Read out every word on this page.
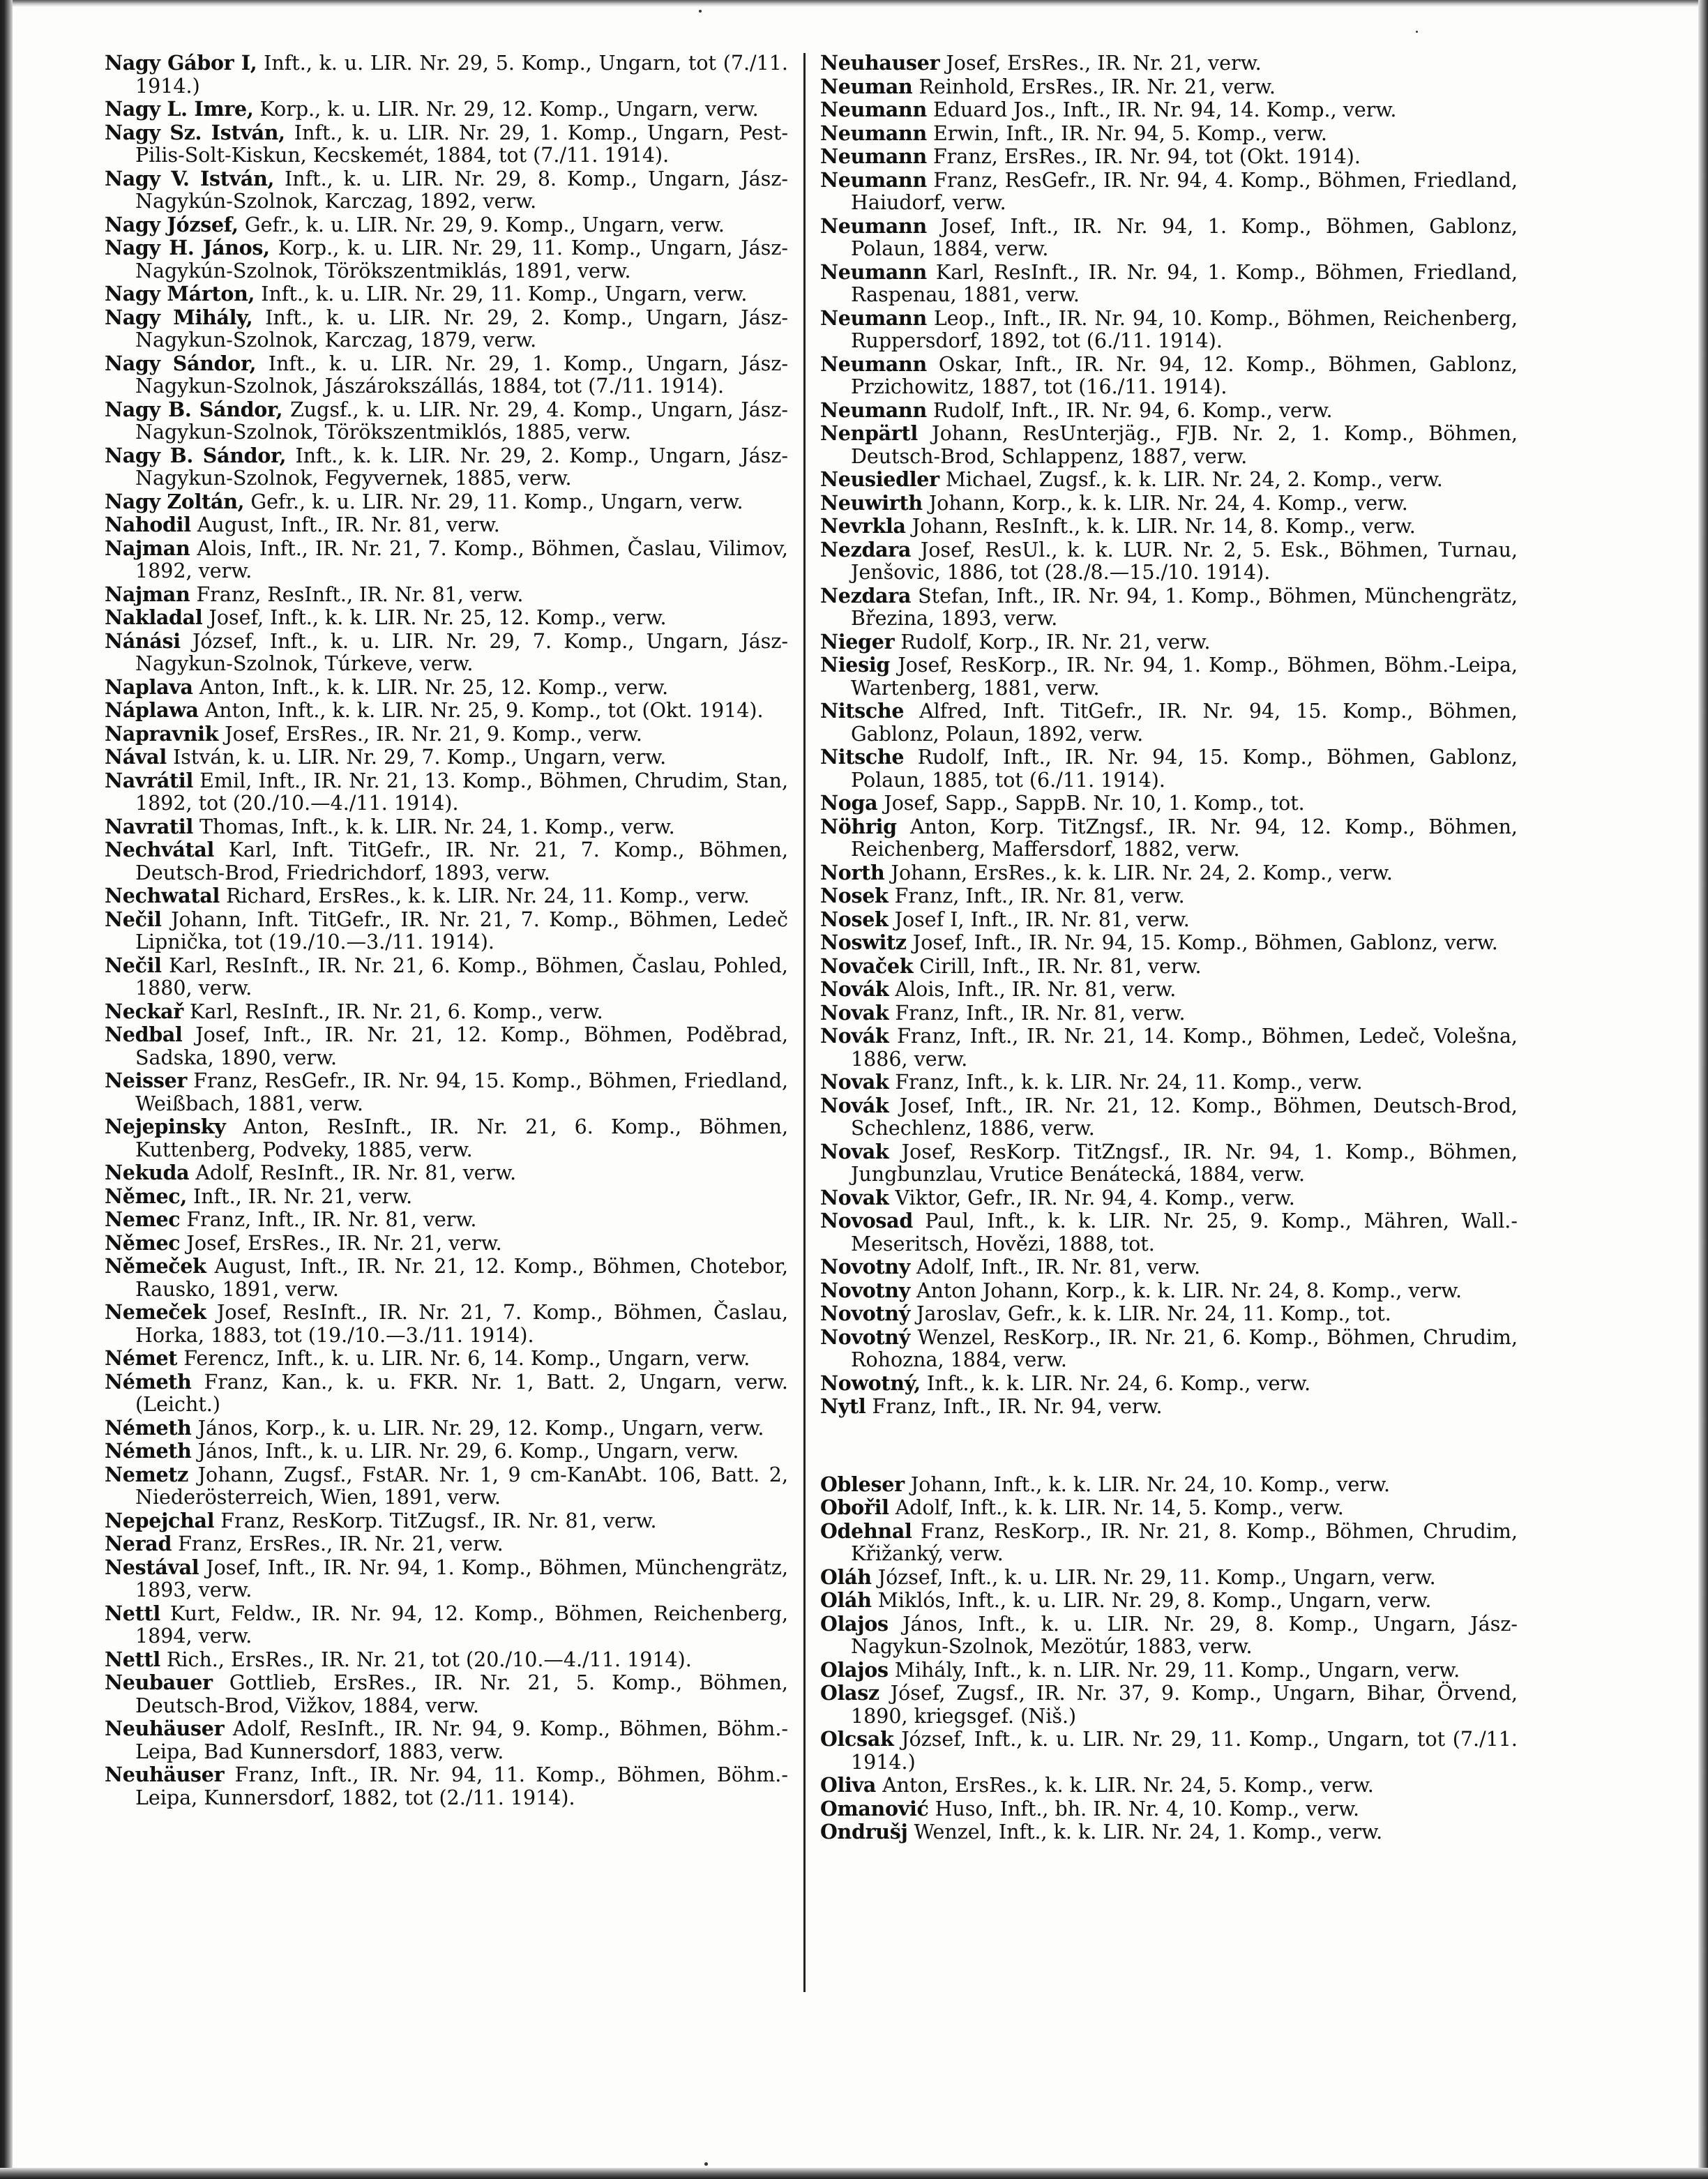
Nagy Gábor I, Inft., k. u. LIR. Nr. 29, 5. Komp., Ungarn, tot (7./11. 1914.)

Nagy L. Imre, Korp., k. u. LIR. Nr. 29, 12. Komp., Ungarn, verw.

Nagy Sz. István, Inft., k. u. LIR. Nr. 29, 1. Komp., Ungarn, Pest-Pilis-Solt-Kiskun, Kecskemét, 1884, tot (7./11. 1914).

Nagy V. István, Inft., k. u. LIR. Nr. 29, 8. Komp., Ungarn, Jász-Nagykún-Szolnok, Karczag, 1892, verw.

Nagy József, Gefr., k. u. LIR. Nr. 29, 9. Komp., Ungarn, verw.

Nagy H. János, Korp., k. u. LIR. Nr. 29, 11. Komp., Ungarn, Jász-Nagykún-Szolnok, Törökszentmiklás, 1891, verw.

Nagy Márton, Inft., k. u. LIR. Nr. 29, 11. Komp., Ungarn, verw.

Nagy Mihály, Inft., k. u. LIR. Nr. 29, 2. Komp., Ungarn, Jász-Nagykun-Szolnok, Karczag, 1879, verw.

Nagy Sándor, Inft., k. u. LIR. Nr. 29, 1. Komp., Ungarn, Jász-Nagykun-Szolnok, Jászárokszállás, 1884, tot (7./11. 1914).

Nagy B. Sándor, Zugsf., k. u. LIR. Nr. 29, 4. Komp., Ungarn, Jász-Nagykun-Szolnok, Törökszentmiklós, 1885, verw.

Nagy B. Sándor, Inft., k. k. LIR. Nr. 29, 2. Komp., Ungarn, Jász-Nagykun-Szolnok, Fegyvernek, 1885, verw.

Nagy Zoltán, Gefr., k. u. LIR. Nr. 29, 11. Komp., Ungarn, verw.

Nahodil August, Inft., IR. Nr. 81, verw.

Najman Alois, Inft., IR. Nr. 21, 7. Komp., Böhmen, Časlau, Vilimov, 1892, verw.

Najman Franz, ResInft., IR. Nr. 81, verw.

Nakladal Josef, Inft., k. k. LIR. Nr. 25, 12. Komp., verw.

Nánási József, Inft., k. u. LIR. Nr. 29, 7. Komp., Ungarn, Jász-Nagykun-Szolnok, Túrkeve, verw.

Naplava Anton, Inft., k. k. LIR. Nr. 25, 12. Komp., verw.

Náplawa Anton, Inft., k. k. LIR. Nr. 25, 9. Komp., tot (Okt. 1914).

Napravnik Josef, ErsRes., IR. Nr. 21, 9. Komp., verw.

Nával István, k. u. LIR. Nr. 29, 7. Komp., Ungarn, verw.

Navrátil Emil, Inft., IR. Nr. 21, 13. Komp., Böhmen, Chrudim, Stan, 1892, tot (20./10.—4./11. 1914).

Navratil Thomas, Inft., k. k. LIR. Nr. 24, 1. Komp., verw.

Nechvátal Karl, Inft. TitGefr., IR. Nr. 21, 7. Komp., Böhmen, Deutsch-Brod, Friedrichdorf, 1893, verw.

Nechwatal Richard, ErsRes., k. k. LIR. Nr. 24, 11. Komp., verw.

Nečil Johann, Inft. TitGefr., IR. Nr. 21, 7. Komp., Böhmen, Ledeč Lipnička, tot (19./10.—3./11. 1914).

Nečil Karl, ResInft., IR. Nr. 21, 6. Komp., Böhmen, Časlau, Pohled, 1880, verw.

Neckař Karl, ResInft., IR. Nr. 21, 6. Komp., verw.

Nedbal Josef, Inft., IR. Nr. 21, 12. Komp., Böhmen, Poděbrad, Sadska, 1890, verw.

Neisser Franz, ResGefr., IR. Nr. 94, 15. Komp., Böhmen, Friedland, Weißbach, 1881, verw.

Nejepinsky Anton, ResInft., IR. Nr. 21, 6. Komp., Böhmen, Kuttenberg, Podveky, 1885, verw.

Nekuda Adolf, ResInft., IR. Nr. 81, verw.

Němec, Inft., IR. Nr. 21, verw.

Nemec Franz, Inft., IR. Nr. 81, verw.

Němec Josef, ErsRes., IR. Nr. 21, verw.

Němeček August, Inft., IR. Nr. 21, 12. Komp., Böhmen, Chotebor, Rausko, 1891, verw.

Nemeček Josef, ResInft., IR. Nr. 21, 7. Komp., Böhmen, Časlau, Horka, 1883, tot (19./10.—3./11. 1914).

Német Ferencz, Inft., k. u. LIR. Nr. 6, 14. Komp., Ungarn, verw.

Németh Franz, Kan., k. u. FKR. Nr. 1, Batt. 2, Ungarn, verw. (Leicht.)

Németh János, Korp., k. u. LIR. Nr. 29, 12. Komp., Ungarn, verw.

Németh János, Inft., k. u. LIR. Nr. 29, 6. Komp., Ungarn, verw.

Nemetz Johann, Zugsf., FstAR. Nr. 1, 9 cm-KanAbt. 106, Batt. 2, Niederösterreich, Wien, 1891, verw.

Nepejchal Franz, ResKorp. TitZugsf., IR. Nr. 81, verw.

Nerad Franz, ErsRes., IR. Nr. 21, verw.

Nestával Josef, Inft., IR. Nr. 94, 1. Komp., Böhmen, Münchengrätz, 1893, verw.

Nettl Kurt, Feldw., IR. Nr. 94, 12. Komp., Böhmen, Reichenberg, 1894, verw.

Nettl Rich., ErsRes., IR. Nr. 21, tot (20./10.—4./11. 1914).

Neubauer Gottlieb, ErsRes., IR. Nr. 21, 5. Komp., Böhmen, Deutsch-Brod, Vižkov, 1884, verw.

Neuhäuser Adolf, ResInft., IR. Nr. 94, 9. Komp., Böhmen, Böhm.-Leipa, Bad Kunnersdorf, 1883, verw.

Neuhäuser Franz, Inft., IR. Nr. 94, 11. Komp., Böhmen, Böhm.-Leipa, Kunnersdorf, 1882, tot (2./11. 1914).

Neuhauser Josef, ErsRes., IR. Nr. 21, verw.

Neuman Reinhold, ErsRes., IR. Nr. 21, verw.

Neumann Eduard Jos., Inft., IR. Nr. 94, 14. Komp., verw.

Neumann Erwin, Inft., IR. Nr. 94, 5. Komp., verw.

Neumann Franz, ErsRes., IR. Nr. 94, tot (Okt. 1914).

Neumann Franz, ResGefr., IR. Nr. 94, 4. Komp., Böhmen, Friedland, Haiudorf, verw.

Neumann Josef, Inft., IR. Nr. 94, 1. Komp., Böhmen, Gablonz, Polaun, 1884, verw.

Neumann Karl, ResInft., IR. Nr. 94, 1. Komp., Böhmen, Friedland, Raspenau, 1881, verw.

Neumann Leop., Inft., IR. Nr. 94, 10. Komp., Böhmen, Reichenberg, Ruppersdorf, 1892, tot (6./11. 1914).

Neumann Oskar, Inft., IR. Nr. 94, 12. Komp., Böhmen, Gablonz, Przichowitz, 1887, tot (16./11. 1914).

Neumann Rudolf, Inft., IR. Nr. 94, 6. Komp., verw.

Nenpärtl Johann, ResUnterjäg., FJB. Nr. 2, 1. Komp., Böhmen, Deutsch-Brod, Schlappenz, 1887, verw.

Neusiedler Michael, Zugsf., k. k. LIR. Nr. 24, 2. Komp., verw.

Neuwirth Johann, Korp., k. k. LIR. Nr. 24, 4. Komp., verw.

Nevrkla Johann, ResInft., k. k. LIR. Nr. 14, 8. Komp., verw.

Nezdara Josef, ResUl., k. k. LUR. Nr. 2, 5. Esk., Böhmen, Turnau, Jenšovic, 1886, tot (28./8.—15./10. 1914).

Nezdara Stefan, Inft., IR. Nr. 94, 1. Komp., Böhmen, Münchengrätz, Březina, 1893, verw.

Nieger Rudolf, Korp., IR. Nr. 21, verw.

Niesig Josef, ResKorp., IR. Nr. 94, 1. Komp., Böhmen, Böhm.-Leipa, Wartenberg, 1881, verw.

Nitsche Alfred, Inft. TitGefr., IR. Nr. 94, 15. Komp., Böhmen, Gablonz, Polaun, 1892, verw.

Nitsche Rudolf, Inft., IR. Nr. 94, 15. Komp., Böhmen, Gablonz, Polaun, 1885, tot (6./11. 1914).

Noga Josef, Sapp., SappB. Nr. 10, 1. Komp., tot.

Nöhrig Anton, Korp. TitZngsf., IR. Nr. 94, 12. Komp., Böhmen, Reichenberg, Maffersdorf, 1882, verw.

North Johann, ErsRes., k. k. LIR. Nr. 24, 2. Komp., verw.

Nosek Franz, Inft., IR. Nr. 81, verw.

Nosek Josef I, Inft., IR. Nr. 81, verw.

Noswitz Josef, Inft., IR. Nr. 94, 15. Komp., Böhmen, Gablonz, verw.

Novaček Cirill, Inft., IR. Nr. 81, verw.

Novák Alois, Inft., IR. Nr. 81, verw.

Novak Franz, Inft., IR. Nr. 81, verw.

Novák Franz, Inft., IR. Nr. 21, 14. Komp., Böhmen, Ledeč, Volešna, 1886, verw.

Novak Franz, Inft., k. k. LIR. Nr. 24, 11. Komp., verw.

Novák Josef, Inft., IR. Nr. 21, 12. Komp., Böhmen, Deutsch-Brod, Schechlenz, 1886, verw.

Novak Josef, ResKorp. TitZngsf., IR. Nr. 94, 1. Komp., Böhmen, Jungbunzlau, Vrutice Benátecká, 1884, verw.

Novak Viktor, Gefr., IR. Nr. 94, 4. Komp., verw.

Novosad Paul, Inft., k. k. LIR. Nr. 25, 9. Komp., Mähren, Wall.-Meseritsch, Hovězi, 1888, tot.

Novotny Adolf, Inft., IR. Nr. 81, verw.

Novotny Anton Johann, Korp., k. k. LIR. Nr. 24, 8. Komp., verw.

Novotný Jaroslav, Gefr., k. k. LIR. Nr. 24, 11. Komp., tot.

Novotný Wenzel, ResKorp., IR. Nr. 21, 6. Komp., Böhmen, Chrudim, Rohozna, 1884, verw.

Nowotný, Inft., k. k. LIR. Nr. 24, 6. Komp., verw.

Nytl Franz, Inft., IR. Nr. 94, verw.

Obleser Johann, Inft., k. k. LIR. Nr. 24, 10. Komp., verw.

Obořil Adolf, Inft., k. k. LIR. Nr. 14, 5. Komp., verw.

Odehnal Franz, ResKorp., IR. Nr. 21, 8. Komp., Böhmen, Chrudim, Křižanký, verw.

Oláh József, Inft., k. u. LIR. Nr. 29, 11. Komp., Ungarn, verw.

Oláh Miklós, Inft., k. u. LIR. Nr. 29, 8. Komp., Ungarn, verw.

Olajos János, Inft., k. u. LIR. Nr. 29, 8. Komp., Ungarn, Jász-Nagykun-Szolnok, Mezötúr, 1883, verw.

Olajos Mihály, Inft., k. n. LIR. Nr. 29, 11. Komp., Ungarn, verw.

Olasz Jósef, Zugsf., IR. Nr. 37, 9. Komp., Ungarn, Bihar, Örvend, 1890, kriegsgef. (Niš.)

Olcsak József, Inft., k. u. LIR. Nr. 29, 11. Komp., Ungarn, tot (7./11. 1914.)

Oliva Anton, ErsRes., k. k. LIR. Nr. 24, 5. Komp., verw.

Omanović Huso, Inft., bh. IR. Nr. 4, 10. Komp., verw.

Ondrušj Wenzel, Inft., k. k. LIR. Nr. 24, 1. Komp., verw.
